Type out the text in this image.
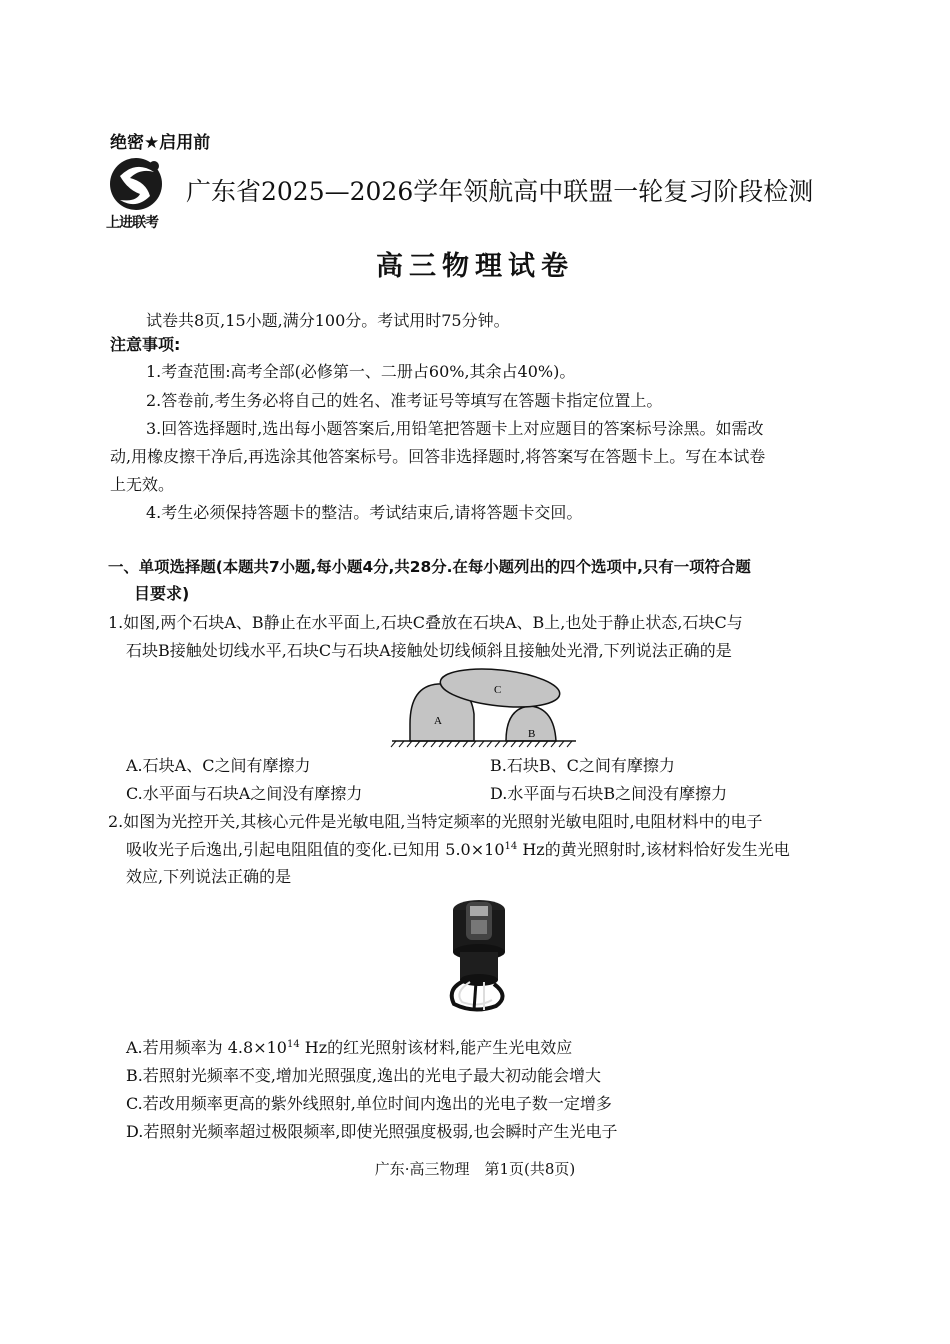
绝密★启用前
上进联考
广东省2025—2026学年领航高中联盟一轮复习阶段检测
高三物理试卷
试卷共8页,15小题,满分100分。考试用时75分钟。
注意事项:
1.考查范围:高考全部(必修第一、二册占60%,其余占40%)。
2.答卷前,考生务必将自己的姓名、准考证号等填写在答题卡指定位置上。
3.回答选择题时,选出每小题答案后,用铅笔把答题卡上对应题目的答案标号涂黑。如需改
动,用橡皮擦干净后,再选涂其他答案标号。回答非选择题时,将答案写在答题卡上。写在本试卷
上无效。
4.考生必须保持答题卡的整洁。考试结束后,请将答题卡交回。
一、单项选择题(本题共7小题,每小题4分,共28分.在每小题列出的四个选项中,只有一项符合题
目要求)
1.如图,两个石块A、B静止在水平面上,石块C叠放在石块A、B上,也处于静止状态,石块C与
石块B接触处切线水平,石块C与石块A接触处切线倾斜且接触处光滑,下列说法正确的是
A
B
C
A.石块A、C之间有摩擦力	B.石块B、C之间有摩擦力
C.水平面与石块A之间没有摩擦力	D.水平面与石块B之间没有摩擦力
2.如图为光控开关,其核心元件是光敏电阻,当特定频率的光照射光敏电阻时,电阻材料中的电子
吸收光子后逸出,引起电阻阻值的变化.已知用 $5.0\times 10^{14}$ Hz的黄光照射时,该材料恰好发生光电
效应,下列说法正确的是
A.若用频率为 $4.8\times 10^{14}$ Hz的红光照射该材料,能产生光电效应
B.若照射光频率不变,增加光照强度,逸出的光电子最大初动能会增大
C.若改用频率更高的紫外线照射,单位时间内逸出的光电子数一定增多
D.若照射光频率超过极限频率,即使光照强度极弱,也会瞬时产生光电子
广东·高三物理　第1页(共8页)
